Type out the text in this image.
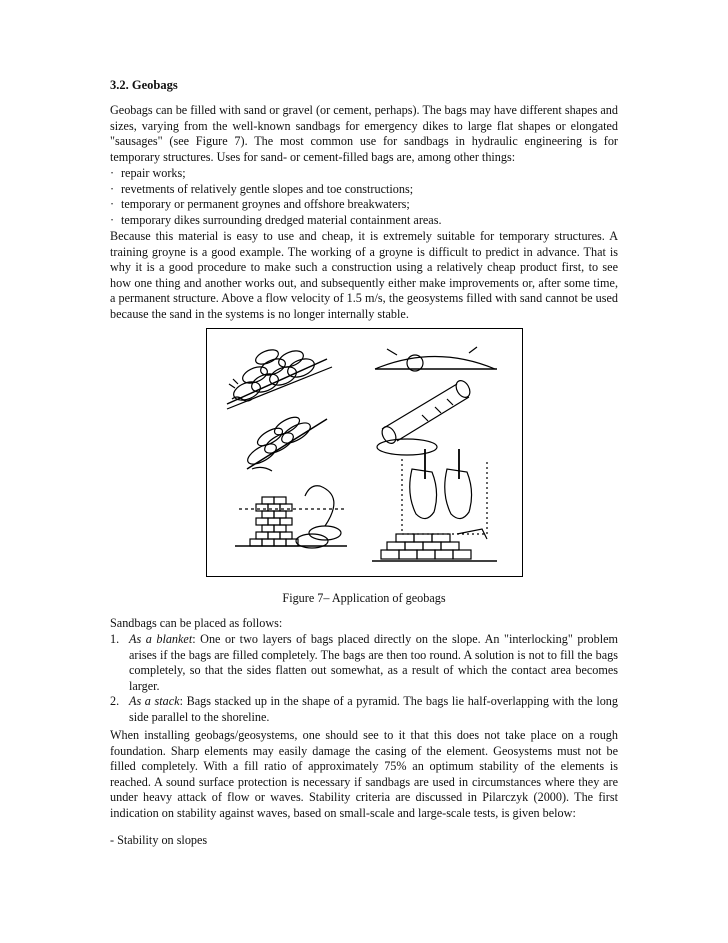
3.2. Geobags

Geobags can be filled with sand or gravel (or cement, perhaps). The bags may have different shapes and sizes, varying from the well-known sandbags for emergency dikes to large flat shapes or elongated "sausages" (see Figure 7). The most common use for sandbags in hydraulic engineering is for temporary structures. Uses for sand- or cement-filled bags are, among other things:

· repair works;
· revetments of relatively gentle slopes and toe constructions;
· temporary or permanent groynes and offshore breakwaters;
· temporary dikes surrounding dredged material containment areas.

Because this material is easy to use and cheap, it is extremely suitable for temporary structures. A training groyne is a good example. The working of a groyne is difficult to predict in advance. That is why it is a good procedure to make such a construction using a relatively cheap product first, to see how one thing and another works out, and subsequently either make improvements or, after some time, a permanent structure. Above a flow velocity of 1.5 m/s, the geosystems filled with sand cannot be used because the sand in the systems is no longer internally stable.

Figure 7– Application of geobags

Sandbags can be placed as follows:

1. As a blanket: One or two layers of bags placed directly on the slope. An "interlocking" problem arises if the bags are filled completely. The bags are then too round. A solution is not to fill the bags completely, so that the sides flatten out somewhat, as a result of which the contact area becomes larger.
2. As a stack: Bags stacked up in the shape of a pyramid. The bags lie half-overlapping with the long side parallel to the shoreline.

When installing geobags/geosystems, one should see to it that this does not take place on a rough foundation. Sharp elements may easily damage the casing of the element. Geosystems must not be filled completely. With a fill ratio of approximately 75% an optimum stability of the elements is reached. A sound surface protection is necessary if sandbags are used in circumstances where they are under heavy attack of flow or waves. Stability criteria are discussed in Pilarczyk (2000). The first indication on stability against waves, based on small-scale and large-scale tests, is given below:

- Stability on slopes
